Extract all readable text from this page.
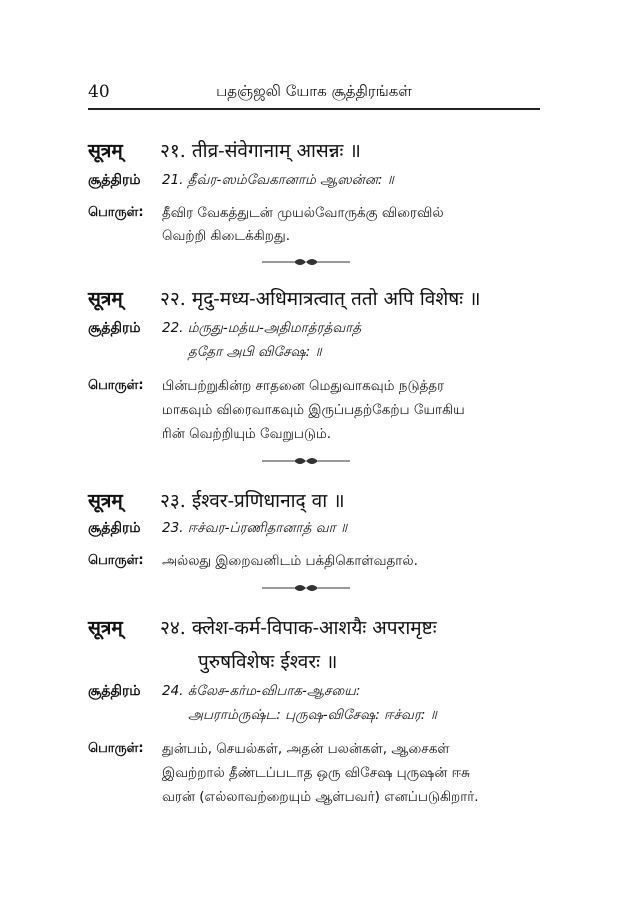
40	பதஞ்ஜலி யோக சூத்திரங்கள்
सूत्रम् २१. तीव्र-संवेगानाम् आसन्नः ॥
சூத்திரம் 21. தீவ்ர-ஸம்வேகானாம் ஆஸன்ன: ॥
பொருள்: தீவிர வேகத்துடன் முயல்வோருக்கு விரைவில்
வெற்றி கிடைக்கிறது.
सूत्रम् २२. मृदु-मध्य-अधिमात्रत्वात् ततो अपि विशेषः ॥
சூத்திரம் 22. ம்ருது-மத்ய-அதிமாத்ரத்வாத்
ததோ அபி விசேஷ: ॥
பொருள்: பின்பற்றுகின்ற சாதனை மெதுவாகவும் நடுத்தர
மாகவும் விரைவாகவும் இருப்பதற்கேற்ப யோகிய
ரின் வெற்றியும் வேறுபடும்.
सूत्रम् २३. ईश्वर-प्रणिधानाद् वा ॥
சூத்திரம் 23. ஈச்வர-ப்ரணிதானாத் வா ॥
பொருள்: அல்லது இறைவனிடம் பக்திகொள்வதால்.
सूत्रम् २४. क्लेश-कर्म-विपाक-आशयैः अपरामृष्टः
पुरुषविशेषः ईश्वरः ॥
சூத்திரம் 24. க்லேச-கர்ம-விபாக-ஆசயை:
அபராம்ருஷ்ட: புருஷ-விசேஷ: ஈச்வர: ॥
பொருள்: துன்பம், செயல்கள், அதன் பலன்கள், ஆசைகள்
இவற்றால் தீண்டப்படாத ஒரு விசேஷ புருஷன் ஈசு
வரன் (எல்லாவற்றையும் ஆள்பவர்) எனப்படுகிறார்.
